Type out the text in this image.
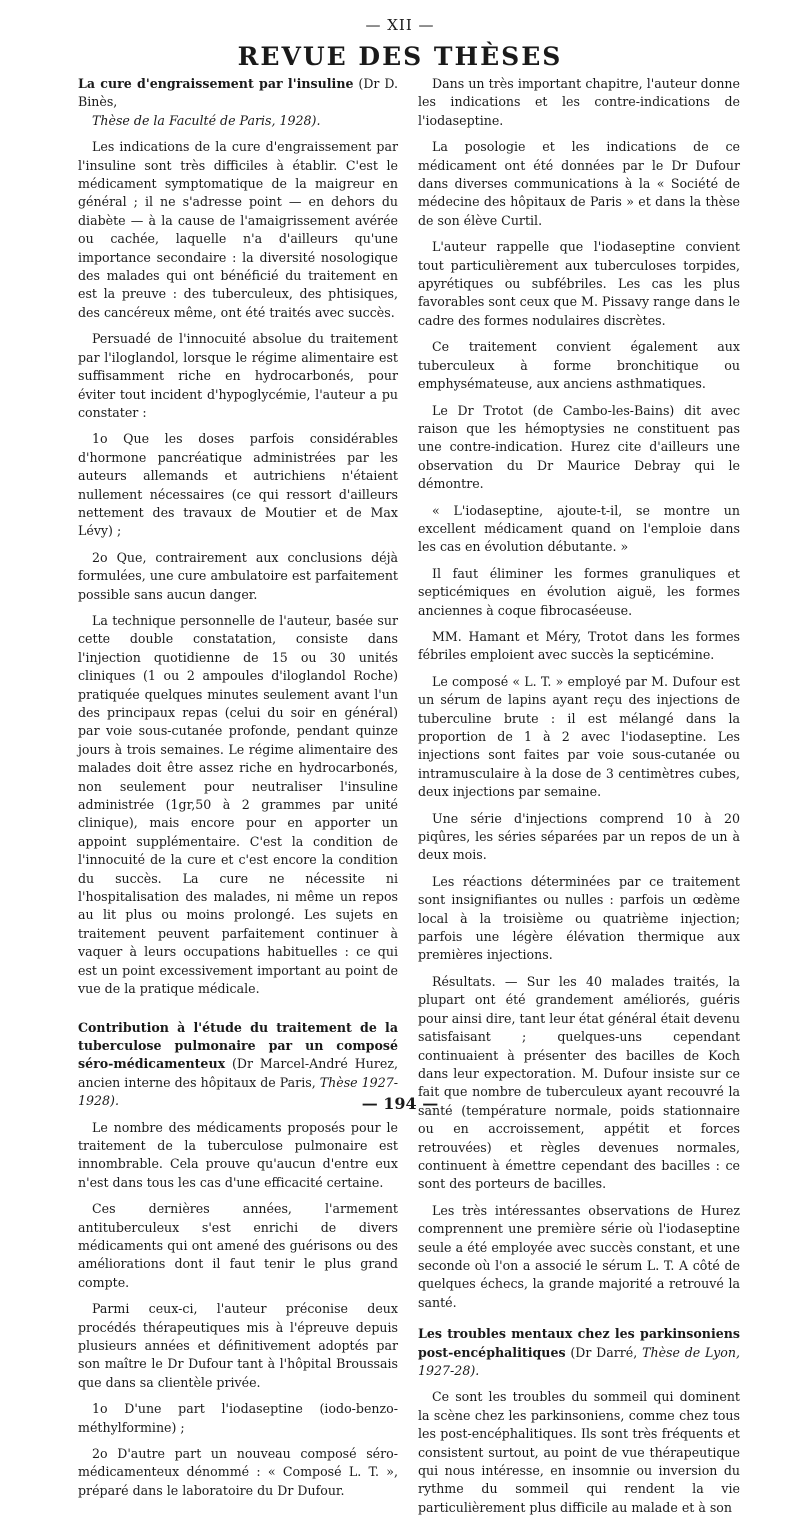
— XII —
REVUE DES THÈSES

La cure d'engraissement par l'insuline (Dr D. Binès,

Thèse de la Faculté de Paris, 1928).

Les indications de la cure d'engraissement par l'insuline sont très difficiles à établir. C'est le médicament symptomatique de la maigreur en général ; il ne s'adresse point — en dehors du diabète — à la cause de l'amaigrissement avérée ou cachée, laquelle n'a d'ailleurs qu'une importance secondaire : la diversité nosologique des malades qui ont bénéficié du traitement en est la preuve : des tuberculeux, des phtisiques, des cancéreux même, ont été traités avec succès.

Persuadé de l'innocuité absolue du traitement par l'iloglandol, lorsque le régime alimentaire est suffisamment riche en hydrocarbonés, pour éviter tout incident d'hypoglycémie, l'auteur a pu constater :

1o Que les doses parfois considérables d'hormone pancréatique administrées par les auteurs allemands et autrichiens n'étaient nullement nécessaires (ce qui ressort d'ailleurs nettement des travaux de Moutier et de Max Lévy) ;

2o Que, contrairement aux conclusions déjà formulées, une cure ambulatoire est parfaitement possible sans aucun danger.

La technique personnelle de l'auteur, basée sur cette double constatation, consiste dans l'injection quotidienne de 15 ou 30 unités cliniques (1 ou 2 ampoules d'iloglandol Roche) pratiquée quelques minutes seulement avant l'un des principaux repas (celui du soir en général) par voie sous-cutanée profonde, pendant quinze jours à trois semaines. Le régime alimentaire des malades doit être assez riche en hydrocarbonés, non seulement pour neutraliser l'insuline administrée (1gr,50 à 2 grammes par unité clinique), mais encore pour en apporter un appoint supplémentaire. C'est la condition de l'innocuité de la cure et c'est encore la condition du succès. La cure ne nécessite ni l'hospitalisation des malades, ni même un repos au lit plus ou moins prolongé. Les sujets en traitement peuvent parfaitement continuer à vaquer à leurs occupations habituelles : ce qui est un point excessivement important au point de vue de la pratique médicale.

Contribution à l'étude du traitement de la tuberculose pulmonaire par un composé séro-médicamenteux (Dr Marcel-André Hurez, ancien interne des hôpitaux de Paris, Thèse 1927-1928).

Le nombre des médicaments proposés pour le traitement de la tuberculose pulmonaire est innombrable. Cela prouve qu'aucun d'entre eux n'est dans tous les cas d'une efficacité certaine.

Ces dernières années, l'armement antituberculeux s'est enrichi de divers médicaments qui ont amené des guérisons ou des améliorations dont il faut tenir le plus grand compte.

Parmi ceux-ci, l'auteur préconise deux procédés thérapeutiques mis à l'épreuve depuis plusieurs années et définitivement adoptés par son maître le Dr Dufour tant à l'hôpital Broussais que dans sa clientèle privée.

1o D'une part l'iodaseptine (iodo-benzo-méthylformine) ;

2o D'autre part un nouveau composé séro-médicamenteux dénommé : « Composé L. T. », préparé dans le laboratoire du Dr Dufour.

Dans un très important chapitre, l'auteur donne les indications et les contre-indications de l'iodaseptine.

La posologie et les indications de ce médicament ont été données par le Dr Dufour dans diverses communications à la « Société de médecine des hôpitaux de Paris » et dans la thèse de son élève Curtil.

L'auteur rappelle que l'iodaseptine convient tout particulièrement aux tuberculoses torpides, apyrétiques ou subfébriles. Les cas les plus favorables sont ceux que M. Pissavy range dans le cadre des formes nodulaires discrètes.

Ce traitement convient également aux tuberculeux à forme bronchitique ou emphysémateuse, aux anciens asthmatiques.

Le Dr Trotot (de Cambo-les-Bains) dit avec raison que les hémoptysies ne constituent pas une contre-indication. Hurez cite d'ailleurs une observation du Dr Maurice Debray qui le démontre.

« L'iodaseptine, ajoute-t-il, se montre un excellent médicament quand on l'emploie dans les cas en évolution débutante. »

Il faut éliminer les formes granuliques et septicémiques en évolution aiguë, les formes anciennes à coque fibrocaséeuse.

MM. Hamant et Méry, Trotot dans les formes fébriles emploient avec succès la septicémine.

Le composé « L. T. » employé par M. Dufour est un sérum de lapins ayant reçu des injections de tuberculine brute : il est mélangé dans la proportion de 1 à 2 avec l'iodaseptine. Les injections sont faites par voie sous-cutanée ou intramusculaire à la dose de 3 centimètres cubes, deux injections par semaine.

Une série d'injections comprend 10 à 20 piqûres, les séries séparées par un repos de un à deux mois.

Les réactions déterminées par ce traitement sont insignifiantes ou nulles : parfois un œdème local à la troisième ou quatrième injection; parfois une légère élévation thermique aux premières injections.

Résultats. — Sur les 40 malades traités, la plupart ont été grandement améliorés, guéris pour ainsi dire, tant leur état général était devenu satisfaisant ; quelques-uns cependant continuaient à présenter des bacilles de Koch dans leur expectoration. M. Dufour insiste sur ce fait que nombre de tuberculeux ayant recouvré la santé (température normale, poids stationnaire ou en accroissement, appétit et forces retrouvées) et règles devenues normales, continuent à émettre cependant des bacilles : ce sont des porteurs de bacilles.

Les très intéressantes observations de Hurez comprennent une première série où l'iodaseptine seule a été employée avec succès constant, et une seconde où l'on a associé le sérum L. T. A côté de quelques échecs, la grande majorité a retrouvé la santé.

Les troubles mentaux chez les parkinsoniens post-encéphalitiques (Dr Darré, Thèse de Lyon, 1927-28).

Ce sont les troubles du sommeil qui dominent la scène chez les parkinsoniens, comme chez tous les post-encéphalitiques. Ils sont très fréquents et consistent surtout, au point de vue thérapeutique qui nous intéresse, en insomnie ou inversion du rythme du sommeil qui rendent la vie particulièrement plus difficile au malade et à son

— 194 —
